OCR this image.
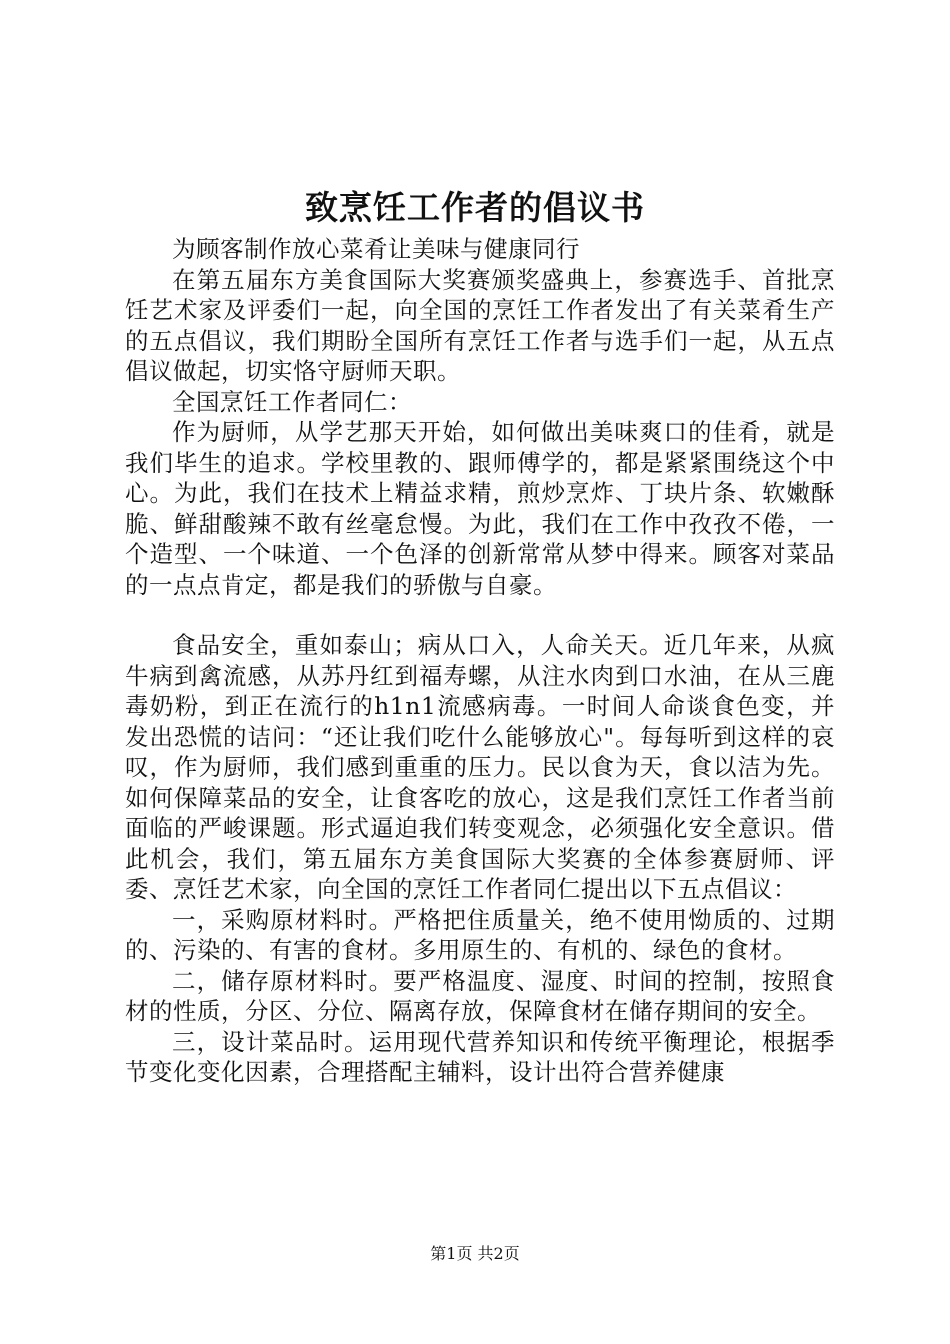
致烹饪工作者的倡议书

为顾客制作放心菜肴让美味与健康同行

在第五届东方美食国际大奖赛颁奖盛典上，参赛选手、首批烹饪艺术家及评委们一起，向全国的烹饪工作者发出了有关菜肴生产的五点倡议，我们期盼全国所有烹饪工作者与选手们一起，从五点倡议做起，切实恪守厨师天职。

全国烹饪工作者同仁：

作为厨师，从学艺那天开始，如何做出美味爽口的佳肴，就是我们毕生的追求。学校里教的、跟师傅学的，都是紧紧围绕这个中心。为此，我们在技术上精益求精，煎炒烹炸、丁块片条、软嫩酥脆、鲜甜酸辣不敢有丝毫怠慢。为此，我们在工作中孜孜不倦，一个造型、一个味道、一个色泽的创新常常从梦中得来。顾客对菜品的一点点肯定，都是我们的骄傲与自豪。

食品安全，重如泰山；病从口入，人命关天。近几年来，从疯牛病到禽流感，从苏丹红到福寿螺，从注水肉到口水油，在从三鹿毒奶粉，到正在流行的h1n1流感病毒。一时间人命谈食色变，并发出恐慌的诘问：“还让我们吃什么能够放心"。每每听到这样的哀叹，作为厨师，我们感到重重的压力。民以食为天，食以洁为先。如何保障菜品的安全，让食客吃的放心，这是我们烹饪工作者当前面临的严峻课题。形式逼迫我们转变观念，必须强化安全意识。借此机会，我们，第五届东方美食国际大奖赛的全体参赛厨师、评委、烹饪艺术家，向全国的烹饪工作者同仁提出以下五点倡议：

一，采购原材料时。严格把住质量关，绝不使用怮质的、过期的、污染的、有害的食材。多用原生的、有机的、绿色的食材。

二，储存原材料时。要严格温度、湿度、时间的控制，按照食材的性质，分区、分位、隔离存放，保障食材在储存期间的安全。

三，设计菜品时。运用现代营养知识和传统平衡理论，根据季节变化变化因素，合理搭配主辅料，设计出符合营养健康

第1页 共2页
